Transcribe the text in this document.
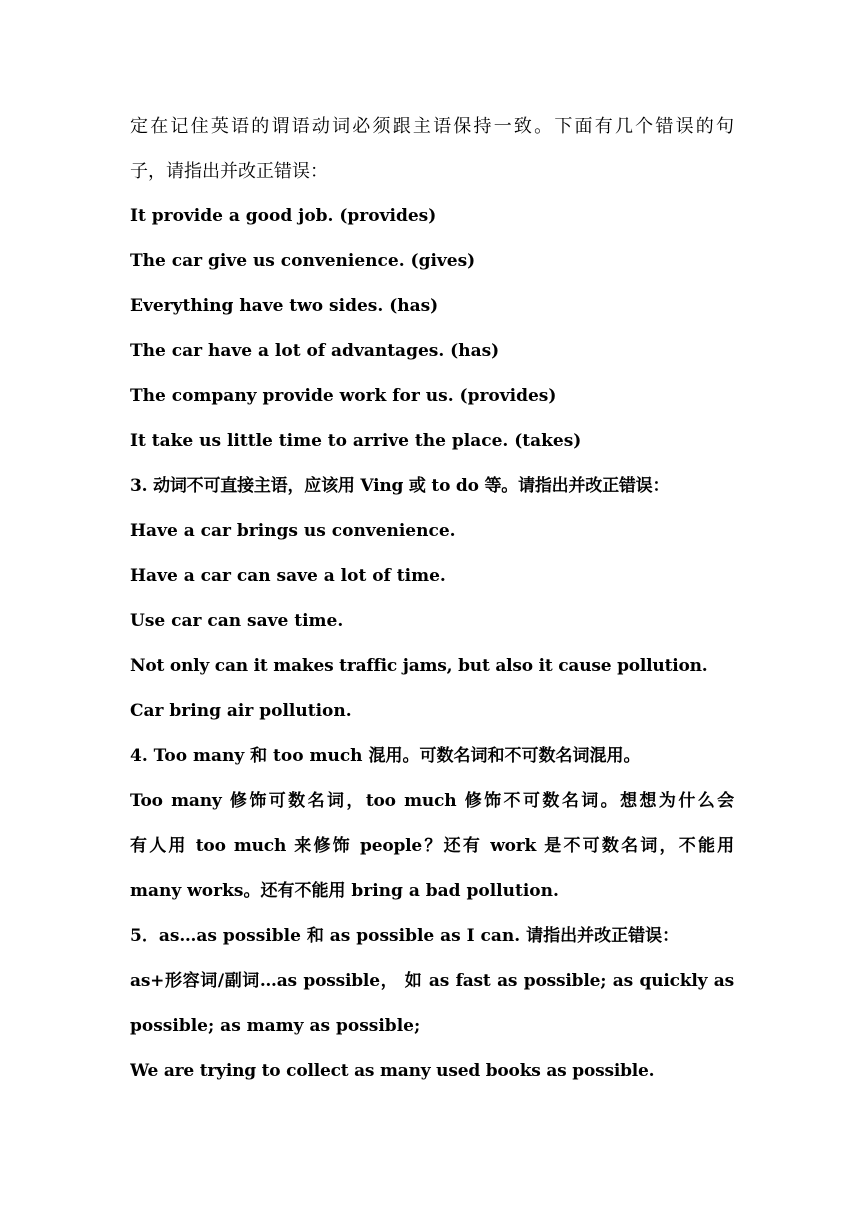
定在记住英语的谓语动词必须跟主语保持一致。下面有几个错误的句
子，请指出并改正错误：
It provide a good job. (provides)
The car give us convenience. (gives)
Everything have two sides. (has)
The car have a lot of advantages. (has)
The company provide work for us. (provides)
It take us little time to arrive the place. (takes)
3. 动词不可直接主语，应该用 Ving 或 to do 等。请指出并改正错误：
Have a car brings us convenience.
Have a car can save a lot of time.
Use car can save time.
Not only can it makes traffic jams, but also it cause pollution.
Car bring air pollution.
4. Too many 和 too much 混用。可数名词和不可数名词混用。
Too many 修饰可数名词，too much 修饰不可数名词。想想为什么会
有人用 too much 来修饰 people？还有 work 是不可数名词，不能用
many works。还有不能用 bring a bad pollution.
5．as…as possible 和 as possible as I can. 请指出并改正错误：
as+形容词/副词…as possible， 如 as fast as possible; as quickly as
possible; as mamy as possible;
We are trying to collect as many used books as possible.
